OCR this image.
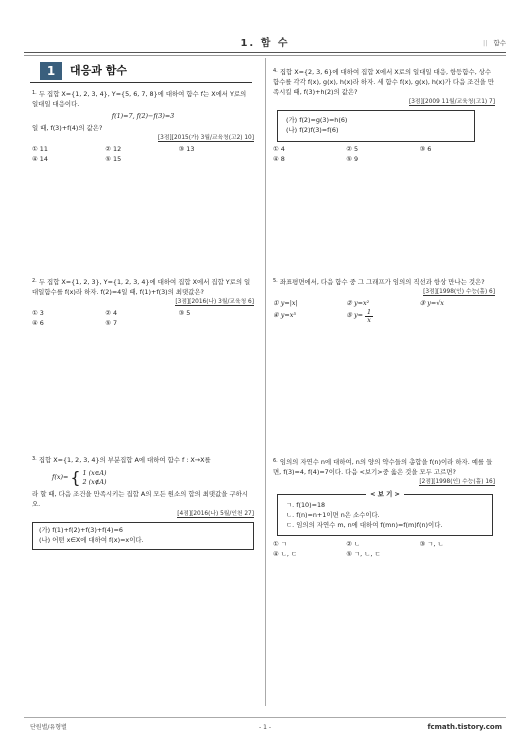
1. 함 수	|| 함수
1	대응과 함수
$^{1.}$ 두 집합 X={1, 2, 3, 4}, Y={5, 6, 7, 8}에 대하여 함수 f는 X에서 Y로의 일대일 대응이다.
f(1)=7, f(2)−f(3)=3
일 때, f(3)+f(4)의 값은?
[3점][2015(가) 3월/교육청(고2) 10]
① 11	② 12	③ 13
④ 14	⑤ 15
$^{2.}$ 두 집합 X={1, 2, 3}, Y={1, 2, 3, 4}에 대하여 집합 X에서 집합 Y로의 일대일함수를 f(x)라 하자. f(2)=4일 때, f(1)+f(3)의 최댓값은?
[3점][2016(나) 3월/교육청 6]
① 3	② 4	③ 5
④ 6	⑤ 7
$^{3.}$ 집합 X={1, 2, 3, 4}의 부분집합 A에 대하여 함수 f : X→X를
f(x)= { 1 (x∈A)
2 (x∉A)
라 할 때, 다음 조건을 만족시키는 집합 A의 모든 원소의 합의 최댓값을 구하시오.
[4점][2016(나) 5월/인천 27]
(가) f(1)+f(2)+f(3)+f(4)=6
(나) 어떤 x∈X에 대하여 f(x)=x이다.
$^{4.}$ 집합 X={2, 3, 6}에 대하여 집합 X에서 X로의 일대일 대응, 항등함수, 상수함수를 각각 f(x), g(x), h(x)라 하자. 세 함수 f(x), g(x), h(x)가 다음 조건을 만족시킬 때, f(3)+h(2)의 값은?
[3점][2009 11월/교육청(고1) 7]
(가) f(2)=g(3)=h(6)
(나) f(2)f(3)=f(6)
① 4	② 5	③ 6
④ 8	⑤ 9
$^{5.}$ 좌표평면에서, 다음 함수 중 그 그래프가 임의의 직선과 항상 만나는 것은?
[3점][1998(인) 수능(홀) 6]
① y=|x|	② y=x²	③ y=√x
④ y=x³	⑤ $y= \frac{1}{x}$
$^{6.}$ 임의의 자연수 n에 대하여, n의 양의 약수들의 총합을 f(n)이라 하자. 예를 들면, f(3)=4, f(4)=7이다. 다음 <보기>중 옳은 것을 모두 고르면?
[2점][1998(인) 수능(홀) 16]
< 보 기 >
ㄱ. f(10)=18
ㄴ. f(n)=n+1이면 n은 소수이다.
ㄷ. 임의의 자연수 m, n에 대하여 f(mn)=f(m)f(n)이다.
① ㄱ	② ㄴ	③ ㄱ, ㄴ
④ ㄴ, ㄷ	⑤ ㄱ, ㄴ, ㄷ
단원별/유형별	- 1 -	fcmath.tistory.com
